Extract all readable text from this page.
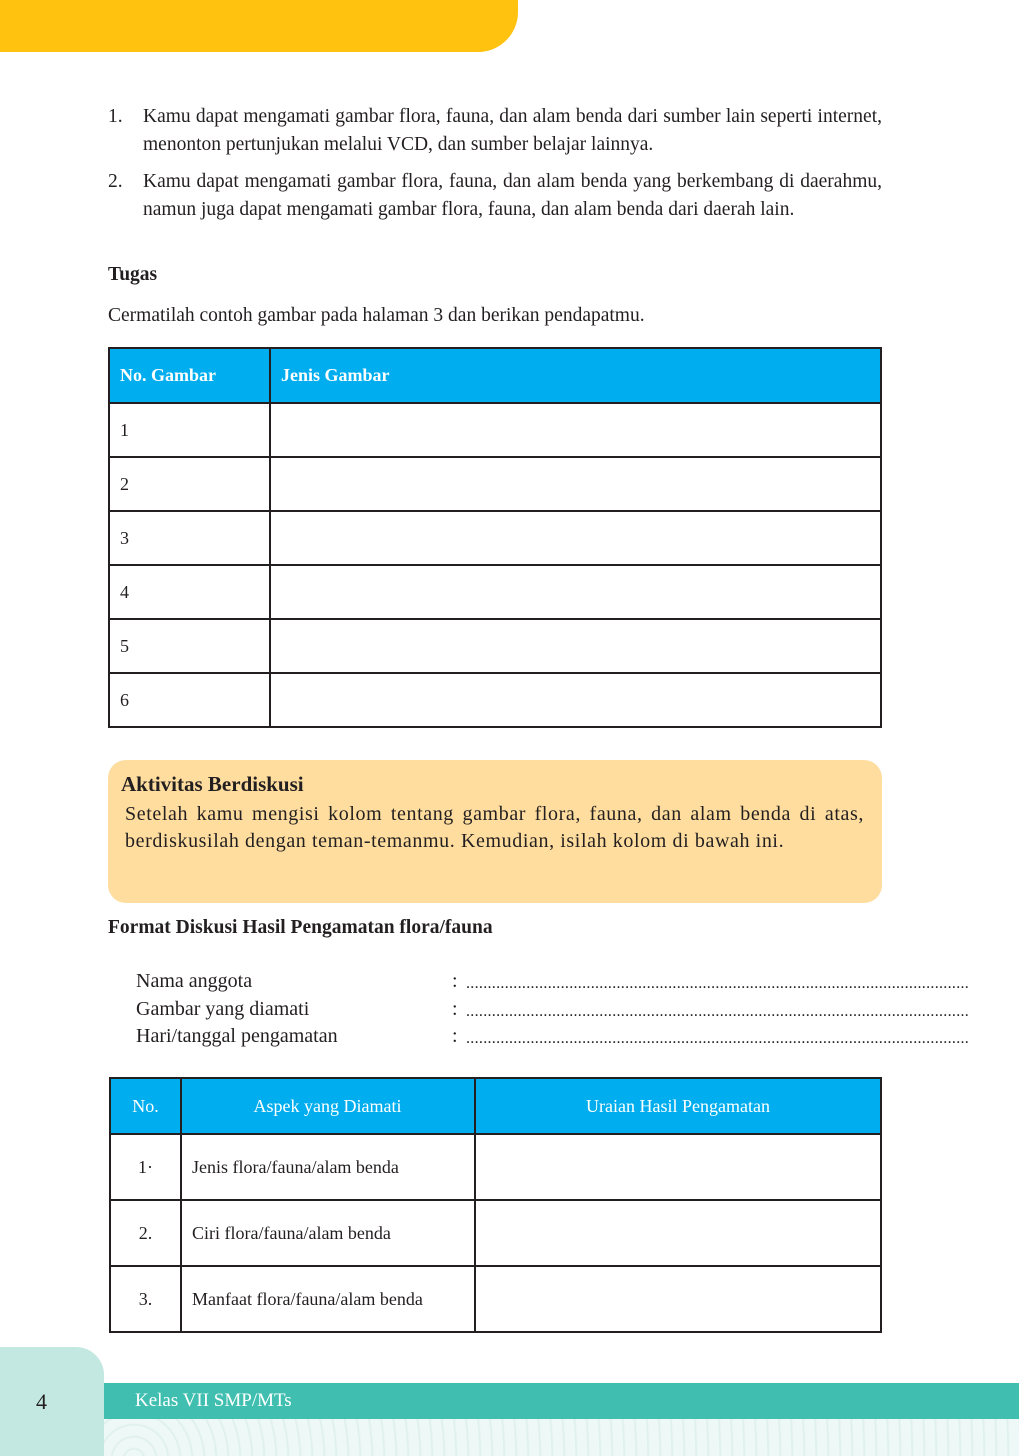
1. Kamu dapat mengamati gambar flora, fauna, dan alam benda dari sumber lain seperti internet, menonton pertunjukan melalui VCD, dan sumber belajar lainnya.
2. Kamu dapat mengamati gambar flora, fauna, dan alam benda yang berkembang di daerahmu, namun juga dapat mengamati gambar flora, fauna, dan alam benda dari daerah lain.
Tugas
Cermatilah contoh gambar pada halaman 3 dan berikan pendapatmu.
No. Gambar	Jenis Gambar
1	
2	
3	
4	
5	
6	
Aktivitas Berdiskusi
Setelah kamu mengisi kolom tentang gambar flora, fauna, dan alam benda di atas, berdiskusilah dengan teman-temanmu. Kemudian, isilah kolom di bawah ini.
Format Diskusi Hasil Pengamatan flora/fauna
Nama anggota	: .....................................................................................................................
Gambar yang diamati	: .....................................................................................................................
Hari/tanggal pengamatan	: .....................................................................................................................
No.	Aspek yang Diamati	Uraian Hasil Pengamatan
1·	Jenis flora/fauna/alam benda	
2.	Ciri flora/fauna/alam benda	
3.	Manfaat flora/fauna/alam benda	
4	Kelas VII SMP/MTs
